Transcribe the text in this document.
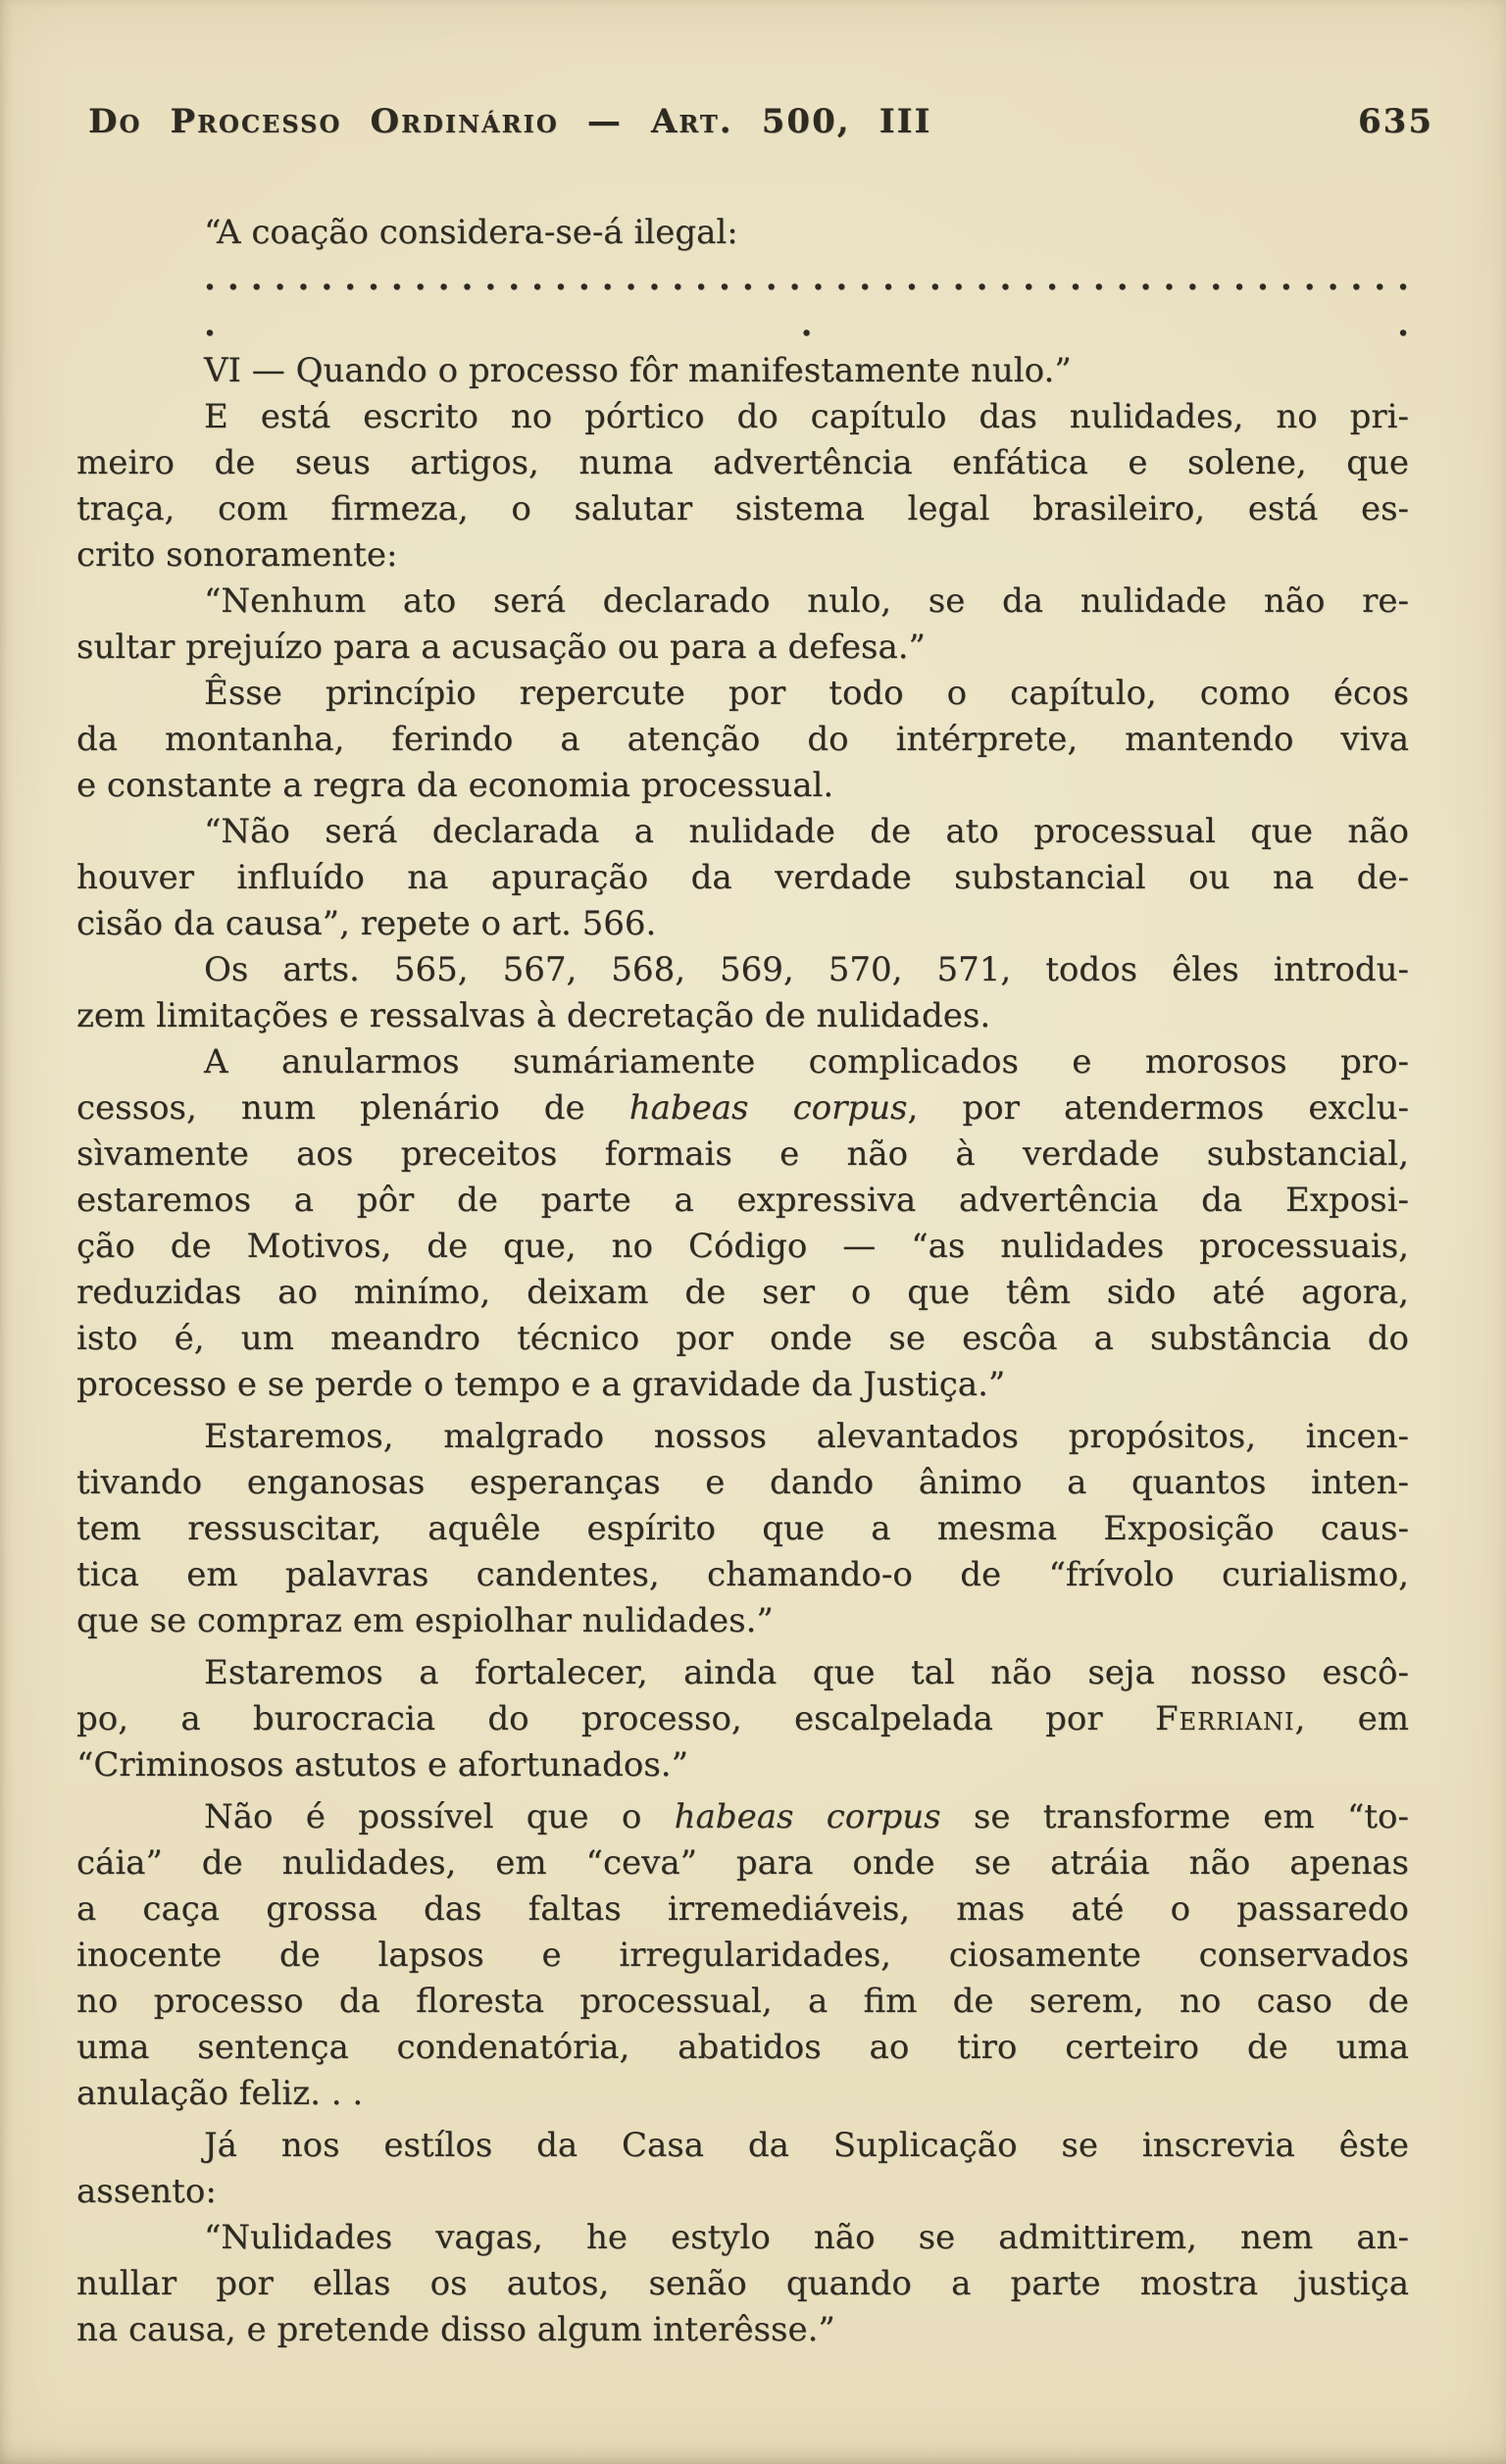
Do Processo Ordinário — Art. 500, III	635
“A coação considera-se-á ilegal:
. . . . . . . . . . . . . . . . . . . . . . . . . . . . . . . . . . . . . . . . . . . . . . . . . . . . . . .
VI — Quando o processo fôr manifestamente nulo.”
E está escrito no pórtico do capítulo das nulidades, no pri-
meiro de seus artigos, numa advertência enfática e solene, que
traça, com firmeza, o salutar sistema legal brasileiro, está es-
crito sonoramente:
“Nenhum ato será declarado nulo, se da nulidade não re-
sultar prejuízo para a acusação ou para a defesa.”
Êsse princípio repercute por todo o capítulo, como écos
da montanha, ferindo a atenção do intérprete, mantendo viva
e constante a regra da economia processual.
“Não será declarada a nulidade de ato processual que não
houver influído na apuração da verdade substancial ou na de-
cisão da causa”, repete o art. 566.
Os arts. 565, 567, 568, 569, 570, 571, todos êles introdu-
zem limitações e ressalvas à decretação de nulidades.
A anularmos sumáriamente complicados e morosos pro-
cessos, num plenário de habeas corpus, por atendermos exclu-
sìvamente aos preceitos formais e não à verdade substancial,
estaremos a pôr de parte a expressiva advertência da Exposi-
ção de Motivos, de que, no Código — “as nulidades processuais,
reduzidas ao minímo, deixam de ser o que têm sido até agora,
isto é, um meandro técnico por onde se escôa a substância do
processo e se perde o tempo e a gravidade da Justiça.”
Estaremos, malgrado nossos alevantados propósitos, incen-
tivando enganosas esperanças e dando ânimo a quantos inten-
tem ressuscitar, aquêle espírito que a mesma Exposição caus-
tica em palavras candentes, chamando-o de “frívolo curialismo,
que se compraz em espiolhar nulidades.”
Estaremos a fortalecer, ainda que tal não seja nosso escô-
po, a burocracia do processo, escalpelada por Ferriani, em
“Criminosos astutos e afortunados.”
Não é possível que o habeas corpus se transforme em “to-
cáia” de nulidades, em “ceva” para onde se atráia não apenas
a caça grossa das faltas irremediáveis, mas até o passaredo
inocente de lapsos e irregularidades, ciosamente conservados
no processo da floresta processual, a fim de serem, no caso de
uma sentença condenatória, abatidos ao tiro certeiro de uma
anulação feliz. . .
Já nos estílos da Casa da Suplicação se inscrevia êste
assento:
“Nulidades vagas, he estylo não se admittirem, nem an-
nullar por ellas os autos, senão quando a parte mostra justiça
na causa, e pretende disso algum interêsse.”
